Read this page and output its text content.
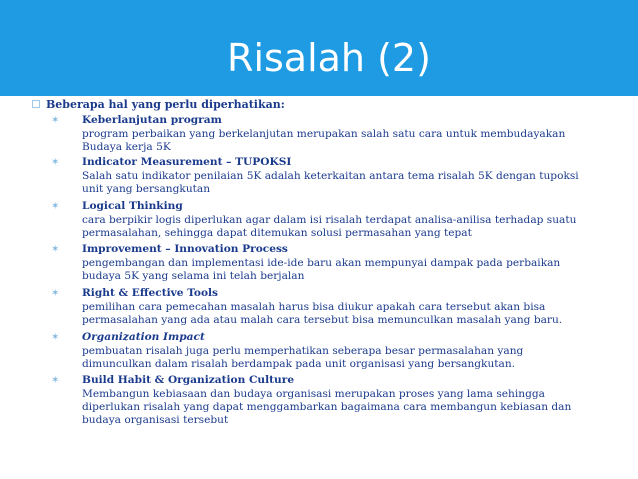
Risalah (2)
Beberapa hal yang perlu diperhatikan:
✶ Keberlanjutan program
program perbaikan yang berkelanjutan merupakan salah satu cara untuk membudayakan Budaya kerja 5K
✶ Indicator Measurement – TUPOKSI
Salah satu indikator penilaian 5K adalah keterkaitan antara tema risalah 5K dengan tupoksi unit yang bersangkutan
✶ Logical Thinking
cara berpikir logis diperlukan agar dalam isi risalah terdapat analisa-anilisa terhadap suatu permasalahan, sehingga dapat ditemukan solusi permasahan yang tepat
✶ Improvement – Innovation Process
pengembangan dan implementasi ide-ide baru akan mempunyai dampak pada perbaikan budaya 5K yang selama ini telah berjalan
✶ Right & Effective Tools
pemilihan cara pemecahan masalah harus bisa diukur apakah cara tersebut akan bisa permasalahan yang ada atau malah cara tersebut bisa memunculkan masalah yang baru.
✶ Organization Impact
pembuatan risalah juga perlu memperhatikan seberapa besar permasalahan yang dimunculkan dalam risalah berdampak pada unit organisasi yang bersangkutan.
✶ Build Habit & Organization Culture
Membangun kebiasaan dan budaya organisasi merupakan proses yang lama sehingga diperlukan risalah yang dapat menggambarkan bagaimana cara membangun kebiasan dan budaya organisasi tersebut
